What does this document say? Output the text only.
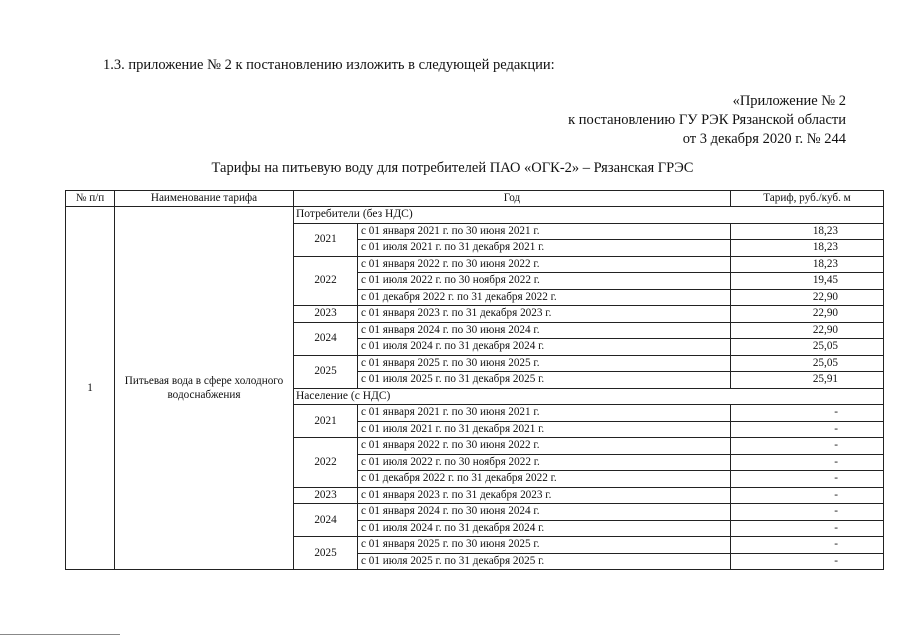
1.3. приложение № 2 к постановлению изложить в следующей редакции:
«Приложение № 2
к постановлению ГУ РЭК Рязанской области
от 3 декабря 2020 г. № 244
Тарифы на питьевую воду для потребителей ПАО «ОГК-2» – Рязанская ГРЭС
№ п/п	Наименование тарифа	Год		Тариф, руб./куб. м
1	Питьевая вода в сфере холодного водоснабжения	Потребители (без НДС)		
		2021	с 01 января 2021 г. по 30 июня 2021 г.	18,23
			с 01 июля 2021 г. по 31 декабря 2021 г.	18,23
		2022	с 01 января 2022 г. по 30 июня 2022 г.	18,23
			с 01 июля 2022 г. по 30 ноября 2022 г.	19,45
			с 01 декабря 2022 г. по 31 декабря 2022 г.	22,90
		2023	с 01 января 2023 г. по 31 декабря 2023 г.	22,90
		2024	с 01 января 2024 г. по 30 июня 2024 г.	22,90
			с 01 июля 2024 г. по 31 декабря 2024 г.	25,05
		2025	с 01 января 2025 г. по 30 июня 2025 г.	25,05
			с 01 июля 2025 г. по 31 декабря 2025 г.	25,91
		Население (с НДС)		
		2021	с 01 января 2021 г. по 30 июня 2021 г.	-
			с 01 июля 2021 г. по 31 декабря 2021 г.	-
		2022	с 01 января 2022 г. по 30 июня 2022 г.	-
			с 01 июля 2022 г. по 30 ноября 2022 г.	-
			с 01 декабря 2022 г. по 31 декабря 2022 г.	-
		2023	с 01 января 2023 г. по 31 декабря 2023 г.	-
		2024	с 01 января 2024 г. по 30 июня 2024 г.	-
			с 01 июля 2024 г. по 31 декабря 2024 г.	-
		2025	с 01 января 2025 г. по 30 июня 2025 г.	-
			с 01 июля 2025 г. по 31 декабря 2025 г.	-
